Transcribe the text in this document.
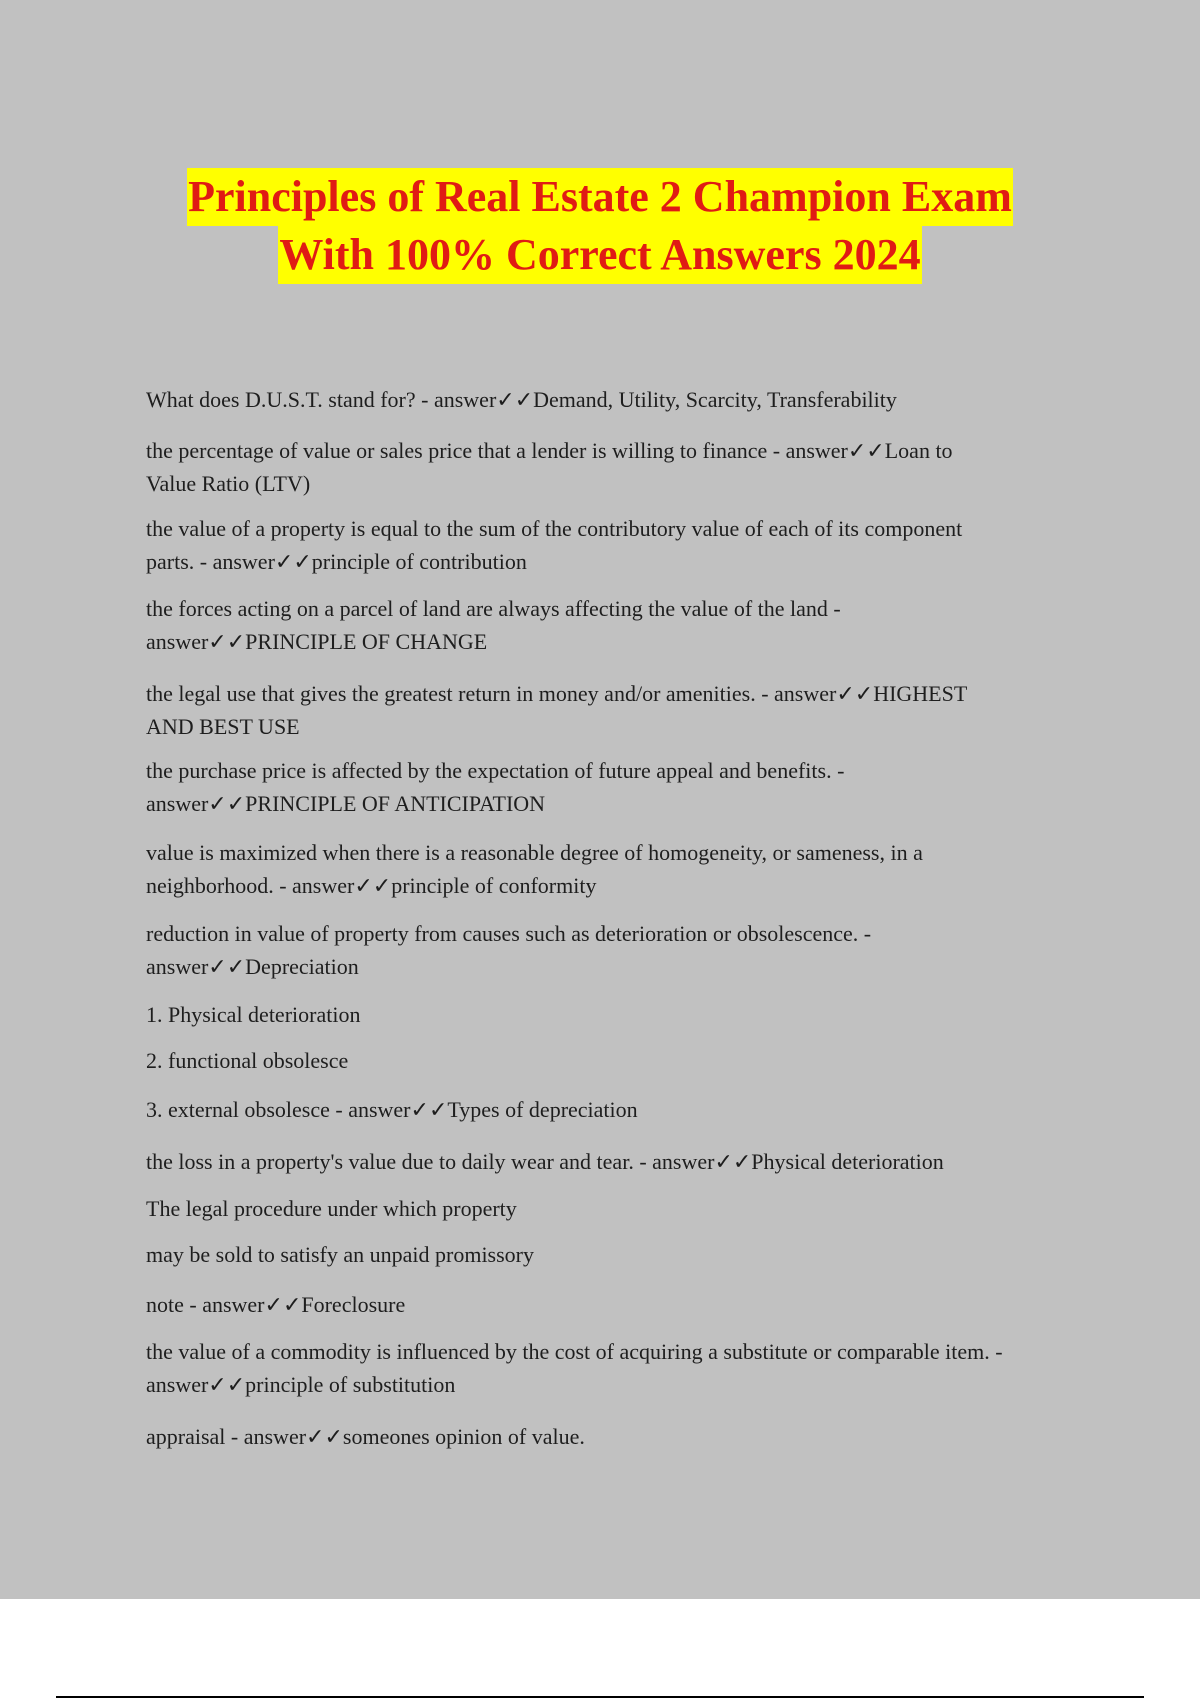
Principles of Real Estate 2 Champion Exam
With 100% Correct Answers 2024
What does D.U.S.T. stand for? - answer✓✓Demand, Utility, Scarcity, Transferability
the percentage of value or sales price that a lender is willing to finance - answer✓✓Loan to
Value Ratio (LTV)
the value of a property is equal to the sum of the contributory value of each of its component
parts. - answer✓✓principle of contribution
the forces acting on a parcel of land are always affecting the value of the land -
answer✓✓PRINCIPLE OF CHANGE
the legal use that gives the greatest return in money and/or amenities. - answer✓✓HIGHEST
AND BEST USE
the purchase price is affected by the expectation of future appeal and benefits. -
answer✓✓PRINCIPLE OF ANTICIPATION
value is maximized when there is a reasonable degree of homogeneity, or sameness, in a
neighborhood. - answer✓✓principle of conformity
reduction in value of property from causes such as deterioration or obsolescence. -
answer✓✓Depreciation
1. Physical deterioration
2. functional obsolesce
3. external obsolesce - answer✓✓Types of depreciation
the loss in a property's value due to daily wear and tear. - answer✓✓Physical deterioration
The legal procedure under which property
may be sold to satisfy an unpaid promissory
note - answer✓✓Foreclosure
the value of a commodity is influenced by the cost of acquiring a substitute or comparable item. -
answer✓✓principle of substitution
appraisal - answer✓✓someones opinion of value.
